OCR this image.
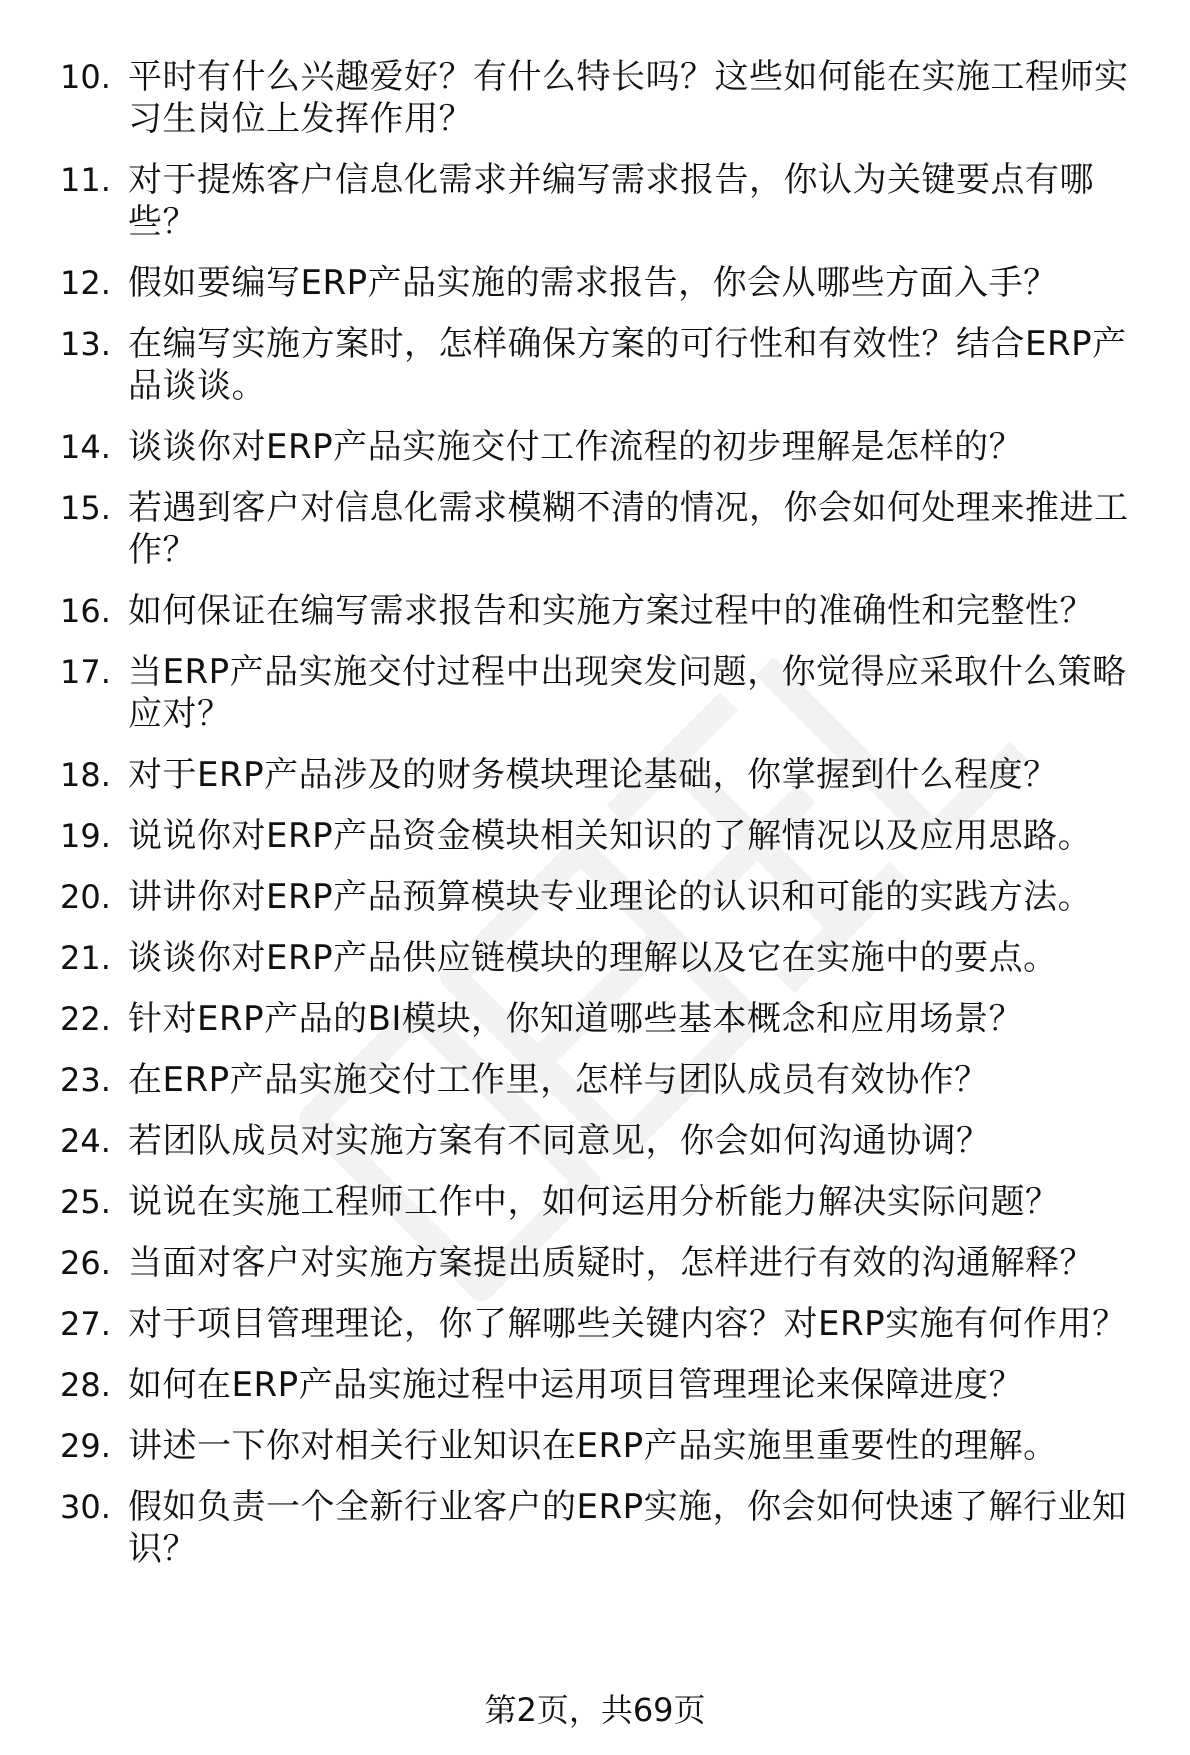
10. 平时有什么兴趣爱好？有什么特长吗？这些如何能在实施工程师实习生岗位上发挥作用？
11. 对于提炼客户信息化需求并编写需求报告，你认为关键要点有哪些？
12. 假如要编写ERP产品实施的需求报告，你会从哪些方面入手？
13. 在编写实施方案时，怎样确保方案的可行性和有效性？结合ERP产品谈谈。
14. 谈谈你对ERP产品实施交付工作流程的初步理解是怎样的？
15. 若遇到客户对信息化需求模糊不清的情况，你会如何处理来推进工作？
16. 如何保证在编写需求报告和实施方案过程中的准确性和完整性？
17. 当ERP产品实施交付过程中出现突发问题，你觉得应采取什么策略应对？
18. 对于ERP产品涉及的财务模块理论基础，你掌握到什么程度？
19. 说说你对ERP产品资金模块相关知识的了解情况以及应用思路。
20. 讲讲你对ERP产品预算模块专业理论的认识和可能的实践方法。
21. 谈谈你对ERP产品供应链模块的理解以及它在实施中的要点。
22. 针对ERP产品的BI模块，你知道哪些基本概念和应用场景？
23. 在ERP产品实施交付工作里，怎样与团队成员有效协作？
24. 若团队成员对实施方案有不同意见，你会如何沟通协调？
25. 说说在实施工程师工作中，如何运用分析能力解决实际问题？
26. 当面对客户对实施方案提出质疑时，怎样进行有效的沟通解释？
27. 对于项目管理理论，你了解哪些关键内容？对ERP实施有何作用？
28. 如何在ERP产品实施过程中运用项目管理理论来保障进度？
29. 讲述一下你对相关行业知识在ERP产品实施里重要性的理解。
30. 假如负责一个全新行业客户的ERP实施，你会如何快速了解行业知识？
第2页，共69页
